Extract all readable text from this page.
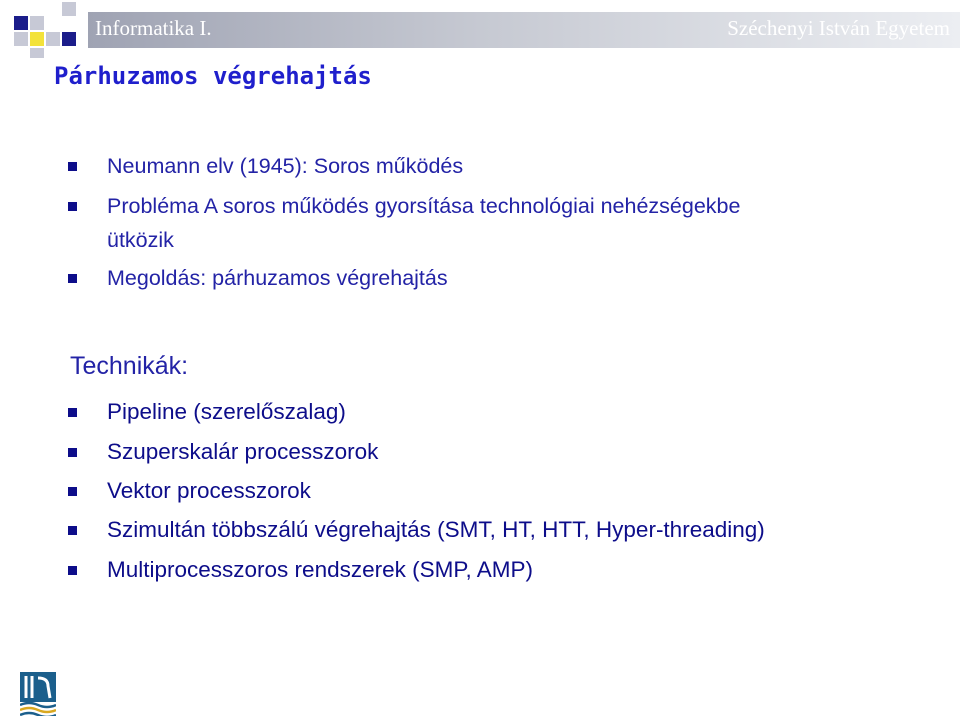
Informatika I.	Széchenyi István Egyetem
Párhuzamos végrehajtás
Neumann elv (1945): Soros működés
Probléma A soros működés gyorsítása technológiai nehézségekbe
ütközik
Megoldás: párhuzamos végrehajtás
Technikák:
Pipeline (szerelőszalag)
Szuperskalár processzorok
Vektor processzorok
Szimultán többszálú végrehajtás (SMT, HT, HTT, Hyper-threading)
Multiprocesszoros rendszerek (SMP, AMP)
